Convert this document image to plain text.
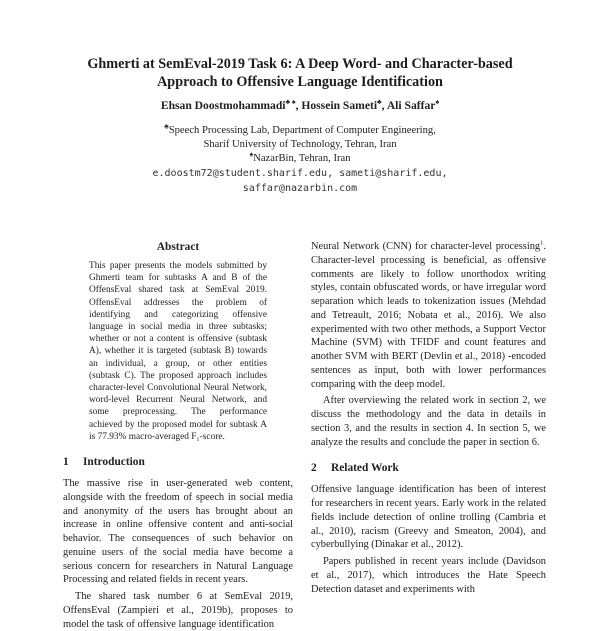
Ghmerti at SemEval-2019 Task 6: A Deep Word- and Character-based Approach to Offensive Language Identification
Ehsan Doostmohammadi♣ ♠, Hossein Sameti♣, Ali Saffar♠
♣Speech Processing Lab, Department of Computer Engineering,
Sharif University of Technology, Tehran, Iran
♠NazarBin, Tehran, Iran
e.doostm72@student.sharif.edu, sameti@sharif.edu,
saffar@nazarbin.com
Abstract

This paper presents the models submitted by Ghmerti team for subtasks A and B of the OffensEval shared task at SemEval 2019. OffensEval addresses the problem of identifying and categorizing offensive language in social media in three subtasks; whether or not a content is offensive (subtask A), whether it is targeted (subtask B) towards an individual, a group, or other entities (subtask C). The proposed approach includes character-level Convolutional Neural Network, word-level Recurrent Neural Network, and some preprocessing. The performance achieved by the proposed model for subtask A is 77.93% macro-averaged F₁-score.

1	Introduction

The massive rise in user-generated web content, alongside with the freedom of speech in social media and anonymity of the users has brought about an increase in online offensive content and anti-social behavior. The consequences of such behavior on genuine users of the social media have become a serious concern for researchers in Natural Language Processing and related fields in recent years.

The shared task number 6 at SemEval 2019, OffensEval (Zampieri et al., 2019b), proposes to model the task of offensive language identification

Neural Network (CNN) for character-level processing$^1$. Character-level processing is beneficial, as offensive comments are likely to follow unorthodox writing styles, contain obfuscated words, or have irregular word separation which leads to tokenization issues (Mehdad and Tetreault, 2016; Nobata et al., 2016). We also experimented with two other methods, a Support Vector Machine (SVM) with TFIDF and count features and another SVM with BERT (Devlin et al., 2018) -encoded sentences as input, both with lower performances comparing with the deep model.

After overviewing the related work in section 2, we discuss the methodology and the data in details in section 3, and the results in section 4. In section 5, we analyze the results and conclude the paper in section 6.

2	Related Work

Offensive language identification has been of interest for researchers in recent years. Early work in the related fields include detection of online trolling (Cambria et al., 2010), racism (Greevy and Smeaton, 2004), and cyberbullying (Dinakar et al., 2012).

Papers published in recent years include (Davidson et al., 2017), which introduces the Hate Speech Detection dataset and experiments with
